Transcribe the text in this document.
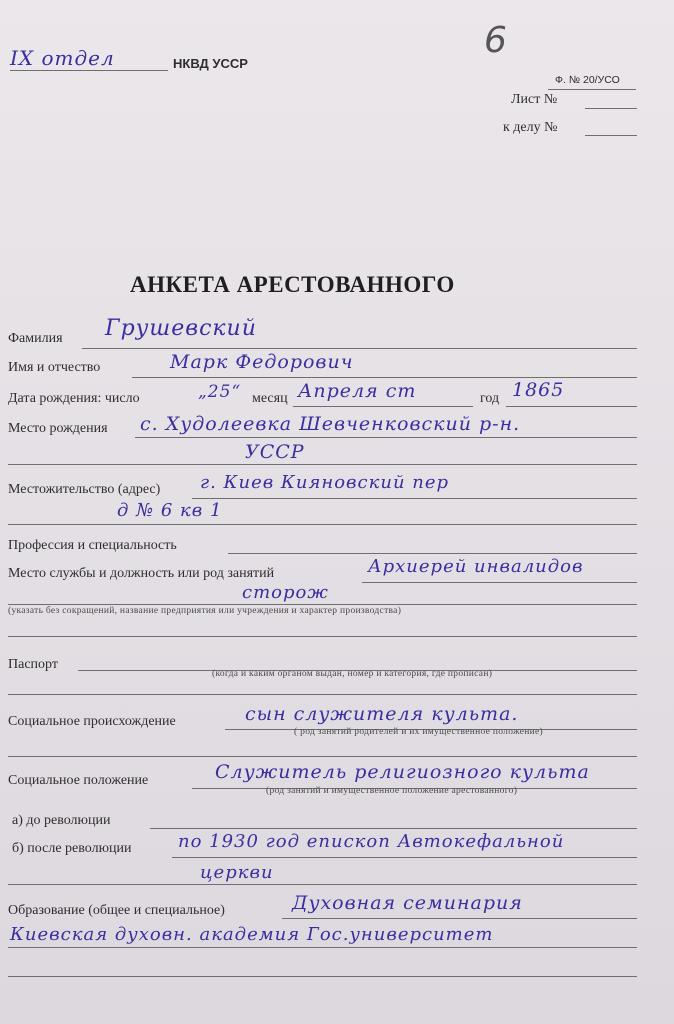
IX отдел	НКВД УССР
6
Ф. № 20/УСО
Лист №
к делу №
АНКЕТА АРЕСТОВАННОГО
Фамилия Грушевский
Имя и отчество	Марк Федорович
Дата рождения: число	„25“ месяц Апреля ст	год 1865
Место рождения с. Худолеевка Шевченковский р-н.
УССР
Местожительство (адрес) г. Киев Кияновский пер
д № 6 кв 1
Профессия и специальность
Место службы и должность или род занятий	Архиерей инвалидов
сторож
(указать без сокращений, название предприятия или учреждения и характер производства)
Паспорт
(когда и каким органом выдан, номер и категория, где прописан)
Социальное происхождение	сын служителя культа.
( род занятий родителей и их имущественное положение)
Социальное положение	Служитель религиозного культа
(род занятий и имущественное положение арестованного)
а) до революции
б) после революции	по 1930 год епископ Автокефальной
церкви
Образование (общее и специальное)	Духовная семинария
Киевская духовн. академия Гос.университет
